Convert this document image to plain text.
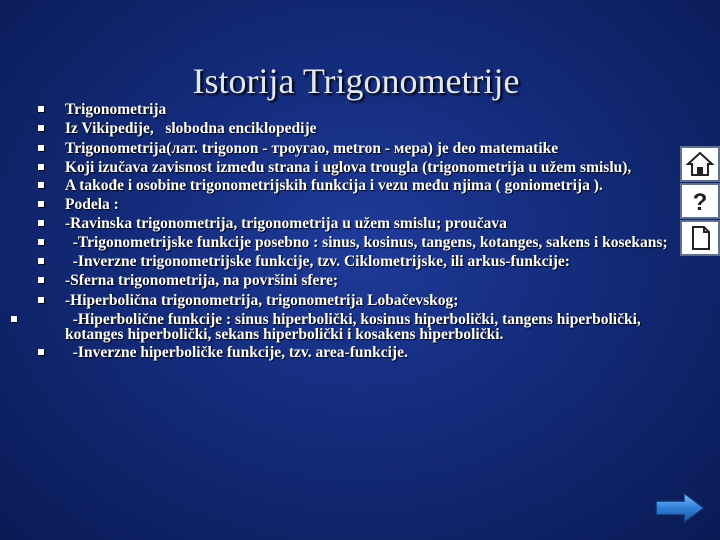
Istorija Trigonometrije
Trigonometrija
Iz Vikipedije,   slobodna enciklopedije
Trigonometrija(лат. trigonon - троугао, metron - мера) je deo matematike
Koji izučava zavisnost između strana i uglova trougla (trigonometrija u užem smislu),
A takođe i osobine trigonometrijskih funkcija i vezu među njima ( goniometrija ).
Podela :
-Ravinska trigonometrija, trigonometrija u užem smislu; proučava
-Trigonometrijske funkcije posebno : sinus, kosinus, tangens, kotanges, sakens i kosekans;
-Inverzne trigonometrijske funkcije, tzv. Ciklometrijske, ili arkus-funkcije:
-Sferna trigonometrija, na površini sfere;
-Hiperbolična trigonometrija, trigonometrija Lobačevskog;
-Hiperbolične funkcije : sinus hiperbolički, kosinus hiperbolički, tangens hiperbolički, kotanges hiperbolički, sekans hiperbolički i kosakens hiperbolički.
-Inverzne hiperboličke funkcije, tzv. area-funkcije.
?
